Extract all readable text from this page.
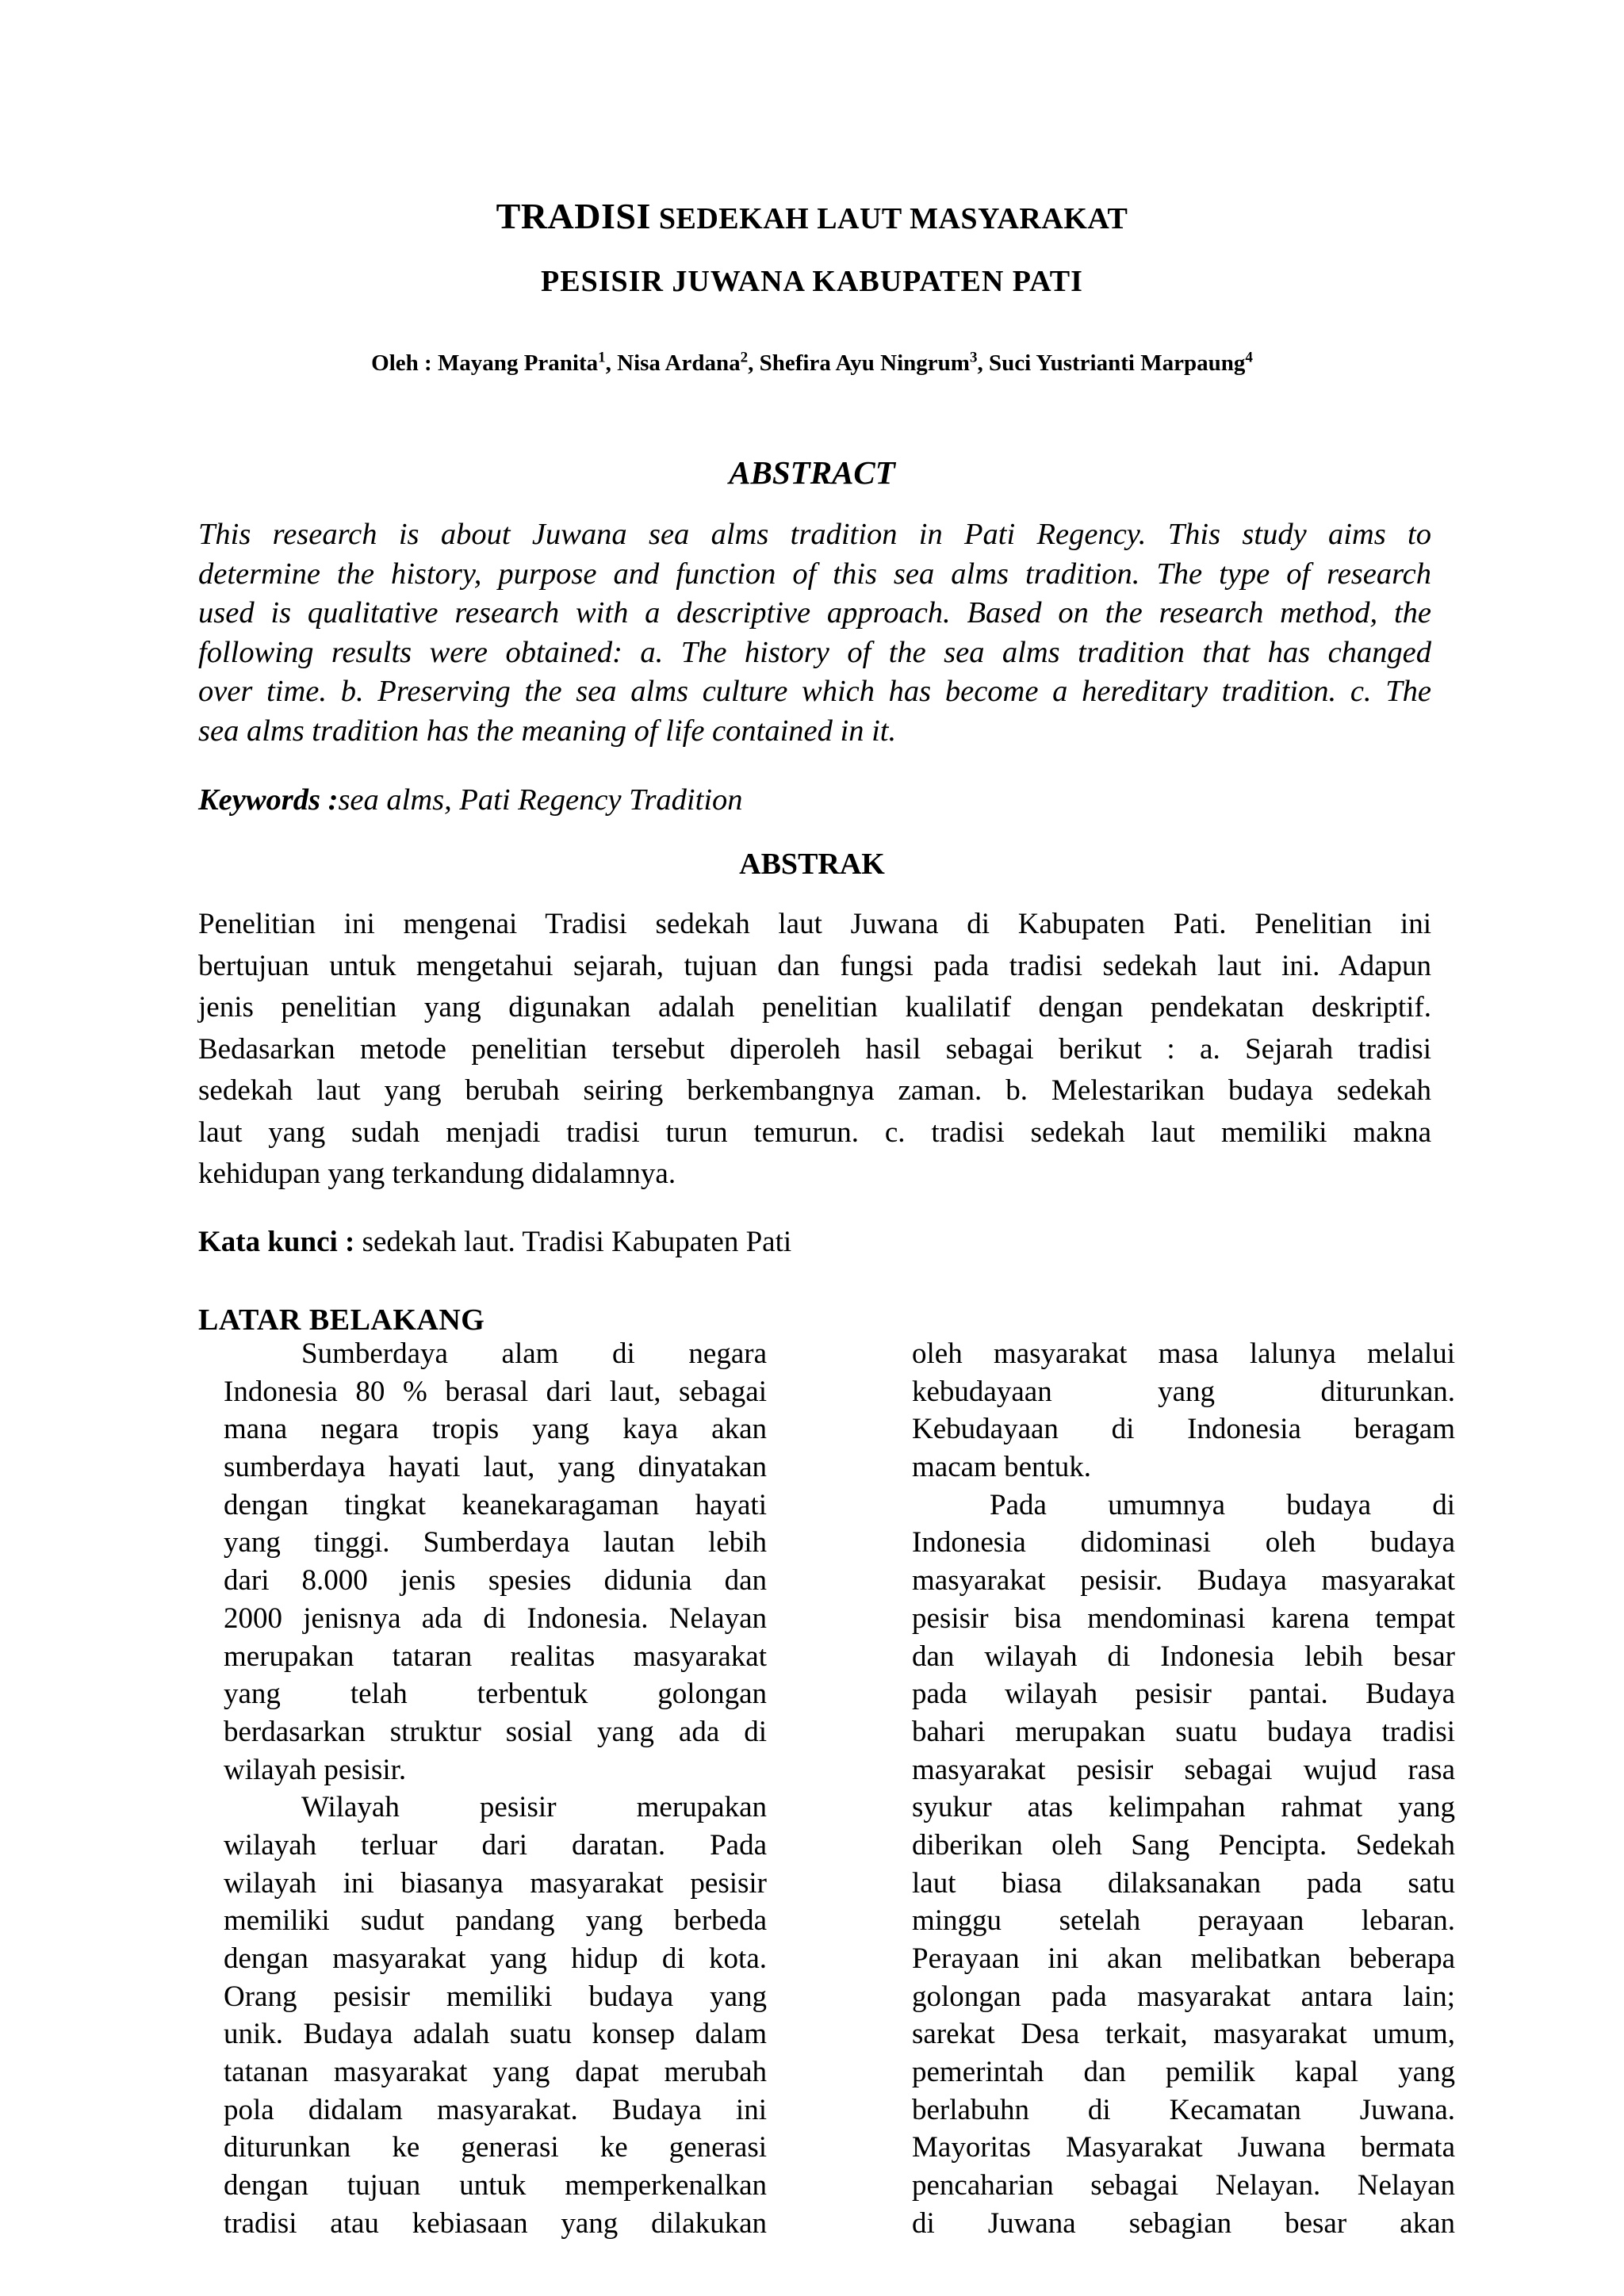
TRADISI SEDEKAH LAUT MASYARAKAT
PESISIR JUWANA KABUPATEN PATI
Oleh : Mayang Pranita$^1$, Nisa Ardana$^2$, Shefira Ayu Ningrum$^3$, Suci Yustrianti Marpaung$^4$
ABSTRACT
This research is about Juwana sea alms tradition in Pati Regency. This study aims to
determine the history, purpose and function of this sea alms tradition. The type of research
used is qualitative research with a descriptive approach. Based on the research method, the
following results were obtained: a. The history of the sea alms tradition that has changed
over time. b. Preserving the sea alms culture which has become a hereditary tradition. c. The
sea alms tradition has the meaning of life contained in it.
Keywords :sea alms, Pati Regency Tradition
ABSTRAK
Penelitian ini mengenai Tradisi sedekah laut Juwana di Kabupaten Pati. Penelitian ini
bertujuan untuk mengetahui sejarah, tujuan dan fungsi pada tradisi sedekah laut ini. Adapun
jenis penelitian yang digunakan adalah penelitian kualilatif dengan pendekatan deskriptif.
Bedasarkan metode penelitian tersebut diperoleh hasil sebagai berikut : a. Sejarah tradisi
sedekah laut yang berubah seiring berkembangnya zaman. b. Melestarikan budaya sedekah
laut yang sudah menjadi tradisi turun temurun. c. tradisi sedekah laut memiliki makna
kehidupan yang terkandung didalamnya.
Kata kunci : sedekah laut. Tradisi Kabupaten Pati
LATAR BELAKANG
Sumberdaya alam di negara
Indonesia 80 % berasal dari laut, sebagai
mana negara tropis yang kaya akan
sumberdaya hayati laut, yang dinyatakan
dengan tingkat keanekaragaman hayati
yang tinggi. Sumberdaya lautan lebih
dari 8.000 jenis spesies didunia dan
2000 jenisnya ada di Indonesia. Nelayan
merupakan tataran realitas masyarakat
yang telah terbentuk golongan
berdasarkan struktur sosial yang ada di
wilayah pesisir.
Wilayah pesisir merupakan
wilayah terluar dari daratan. Pada
wilayah ini biasanya masyarakat pesisir
memiliki sudut pandang yang berbeda
dengan masyarakat yang hidup di kota.
Orang pesisir memiliki budaya yang
unik. Budaya adalah suatu konsep dalam
tatanan masyarakat yang dapat merubah
pola didalam masyarakat. Budaya ini
diturunkan ke generasi ke generasi
dengan tujuan untuk memperkenalkan
tradisi atau kebiasaan yang dilakukan
oleh masyarakat masa lalunya melalui
kebudayaan yang diturunkan.
Kebudayaan di Indonesia beragam
macam bentuk.
Pada umumnya budaya di
Indonesia didominasi oleh budaya
masyarakat pesisir. Budaya masyarakat
pesisir bisa mendominasi karena tempat
dan wilayah di Indonesia lebih besar
pada wilayah pesisir pantai. Budaya
bahari merupakan suatu budaya tradisi
masyarakat pesisir sebagai wujud rasa
syukur atas kelimpahan rahmat yang
diberikan oleh Sang Pencipta. Sedekah
laut biasa dilaksanakan pada satu
minggu setelah perayaan lebaran.
Perayaan ini akan melibatkan beberapa
golongan pada masyarakat antara lain;
sarekat Desa terkait, masyarakat umum,
pemerintah dan pemilik kapal yang
berlabuhn di Kecamatan Juwana.
Mayoritas Masyarakat Juwana bermata
pencaharian sebagai Nelayan. Nelayan
di Juwana sebagian besar akan
